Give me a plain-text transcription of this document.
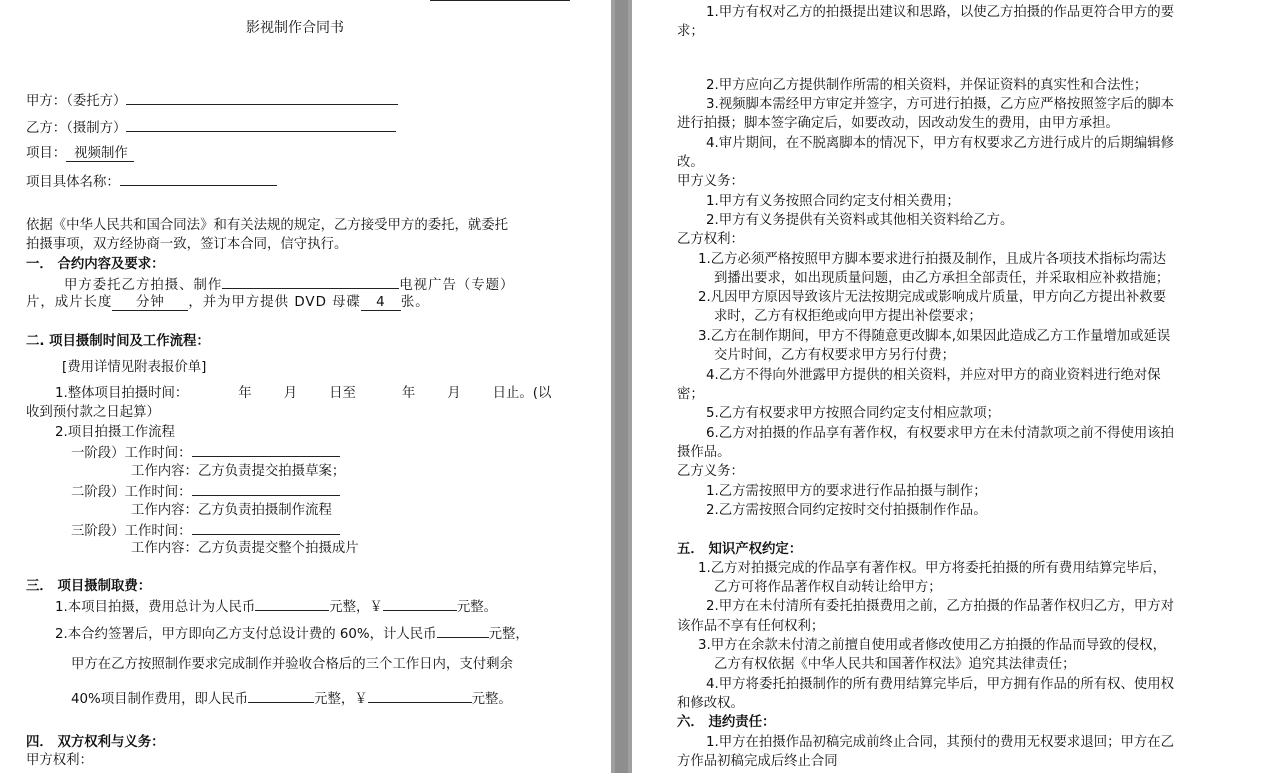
影视制作合同书
甲方：（委托方）
乙方：（摄制方）
项目： 视频制作
项目具体名称：
依据《中华人民共和国合同法》和有关法规的规定，乙方接受甲方的委托，就委托
拍摄事项，双方经协商一致，签订本合同，信守执行。
一． 合约内容及要求：
甲方委托乙方拍摄、制作	电视广告（专题）
片，成片长度 分钟 ，并为甲方提供 DVD 母碟 4 张。
二. 项目摄制时间及工作流程：
[费用详情见附表报价单]
1.整体项目拍摄时间：	年 月 日至	年 月 日止。(以
收到预付款之日起算）
2.项目拍摄工作流程
一阶段）工作时间：
工作内容：乙方负责提交拍摄草案；
二阶段）工作时间：
工作内容：乙方负责拍摄制作流程
三阶段）工作时间：
工作内容：乙方负责提交整个拍摄成片
三． 项目摄制取费：
1.本项目拍摄，费用总计为人民币	元整，￥	元整。
2.本合约签署后，甲方即向乙方支付总设计费的 60%，计人民币	元整，
甲方在乙方按照制作要求完成制作并验收合格后的三个工作日内，支付剩余
40%项目制作费用，即人民币	元整，￥	元整。
四． 双方权利与义务：
甲方权利：
1.甲方有权对乙方的拍摄提出建议和思路，以使乙方拍摄的作品更符合甲方的要
求；
2.甲方应向乙方提供制作所需的相关资料，并保证资料的真实性和合法性；
3.视频脚本需经甲方审定并签字，方可进行拍摄，乙方应严格按照签字后的脚本
进行拍摄；脚本签字确定后，如要改动，因改动发生的费用，由甲方承担。
4.审片期间，在不脱离脚本的情况下，甲方有权要求乙方进行成片的后期编辑修
改。
甲方义务：
1.甲方有义务按照合同约定支付相关费用；
2.甲方有义务提供有关资料或其他相关资料给乙方。
乙方权利：
1.乙方必须严格按照甲方脚本要求进行拍摄及制作，且成片各项技术指标均需达
到播出要求，如出现质量问题，由乙方承担全部责任，并采取相应补救措施；
2.凡因甲方原因导致该片无法按期完成或影响成片质量，甲方向乙方提出补救要
求时，乙方有权拒绝或向甲方提出补偿要求；
3.乙方在制作期间，甲方不得随意更改脚本,如果因此造成乙方工作量增加或延误
交片时间，乙方有权要求甲方另行付费；
4.乙方不得向外泄露甲方提供的相关资料，并应对甲方的商业资料进行绝对保
密；
5.乙方有权要求甲方按照合同约定支付相应款项；
6.乙方对拍摄的作品享有著作权，有权要求甲方在未付清款项之前不得使用该拍
摄作品。
乙方义务：
1.乙方需按照甲方的要求进行作品拍摄与制作；
2.乙方需按照合同约定按时交付拍摄制作作品。
五． 知识产权约定：
1.乙方对拍摄完成的作品享有著作权。甲方将委托拍摄的所有费用结算完毕后，
乙方可将作品著作权自动转让给甲方；
2.甲方在未付清所有委托拍摄费用之前，乙方拍摄的作品著作权归乙方，甲方对
该作品不享有任何权利；
3.甲方在余款未付清之前擅自使用或者修改使用乙方拍摄的作品而导致的侵权，
乙方有权依据《中华人民共和国著作权法》追究其法律责任；
4.甲方将委托拍摄制作的所有费用结算完毕后，甲方拥有作品的所有权、使用权
和修改权。
六． 违约责任：
1.甲方在拍摄作品初稿完成前终止合同，其预付的费用无权要求退回；甲方在乙
方作品初稿完成后终止合同
